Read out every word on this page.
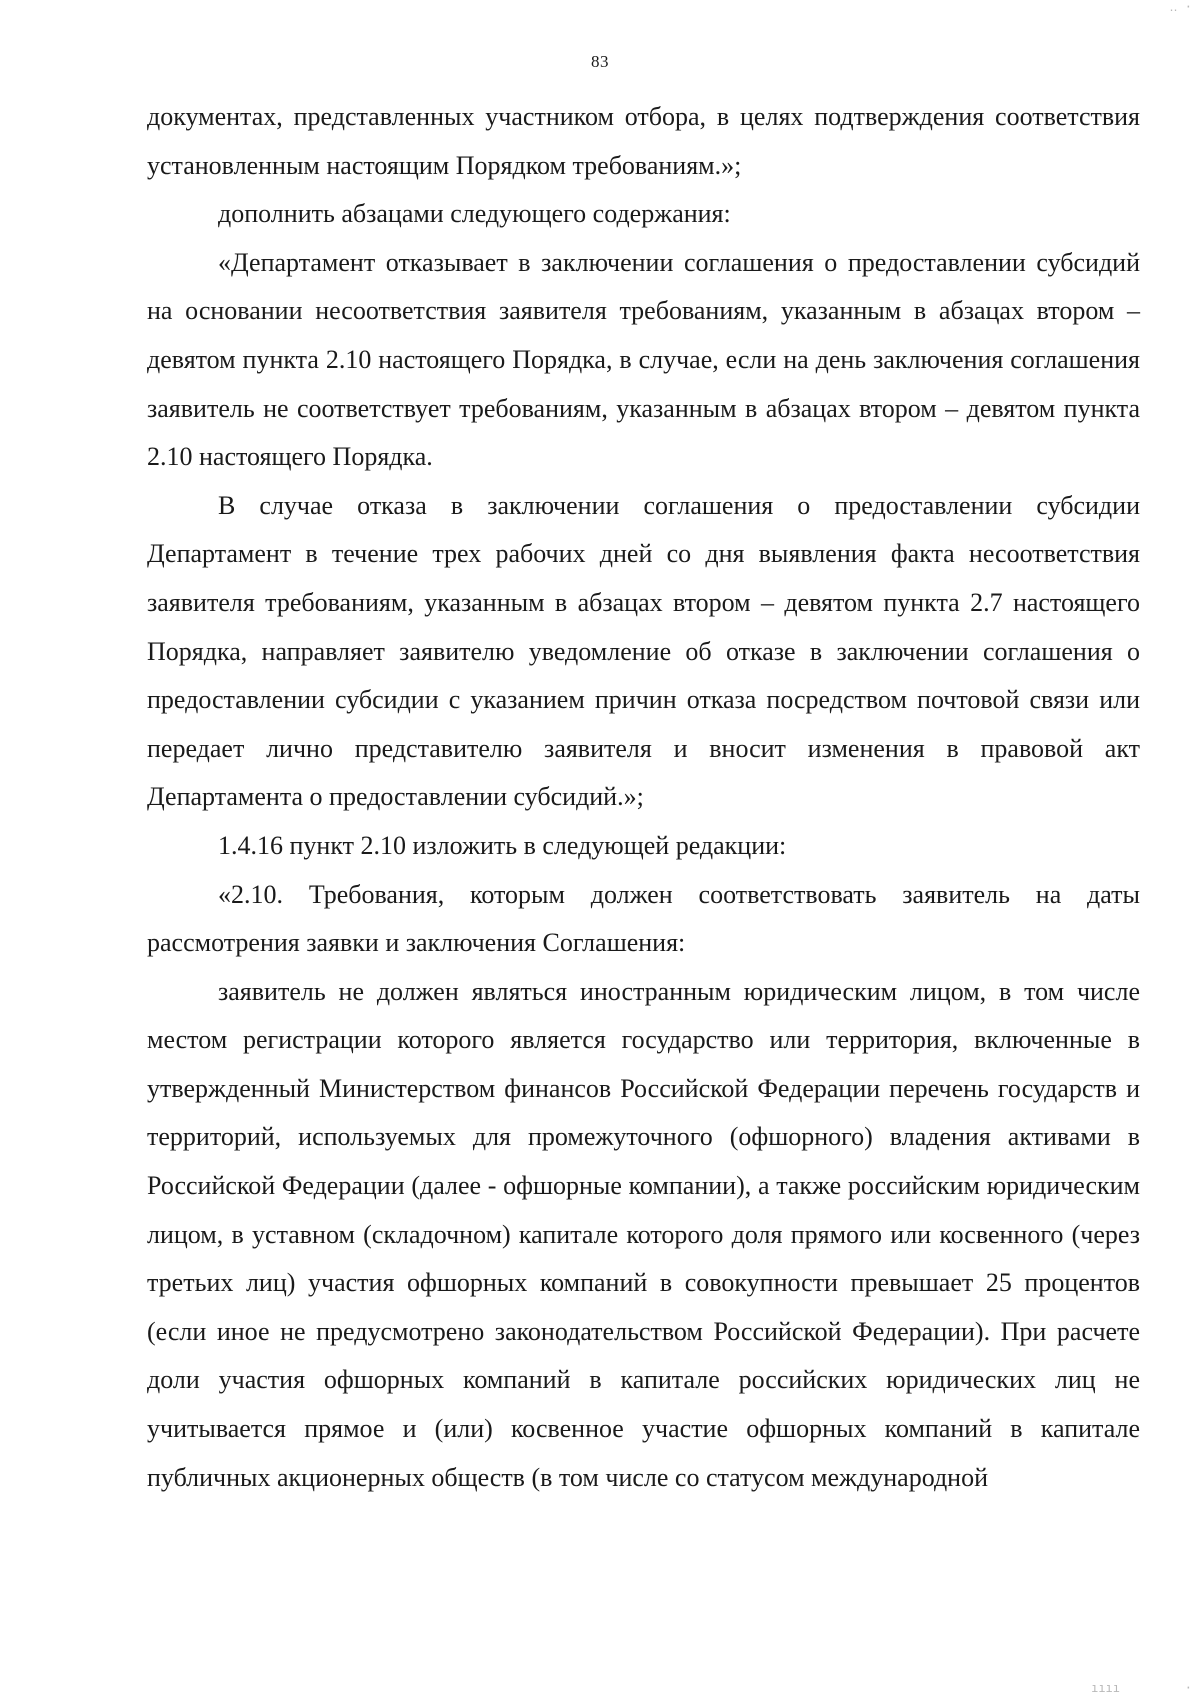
‥ ·
83

документах, представленных участником отбора, в целях подтверждения соответствия установленным настоящим Порядком требованиям.»;

дополнить абзацами следующего содержания:

«Департамент отказывает в заключении соглашения о предоставлении субсидий на основании несоответствия заявителя требованиям, указанным в абзацах втором – девятом пункта 2.10 настоящего Порядка, в случае, если на день заключения соглашения заявитель не соответствует требованиям, указанным в абзацах втором – девятом пункта 2.10 настоящего Порядка.

В случае отказа в заключении соглашения о предоставлении субсидии Департамент в течение трех рабочих дней со дня выявления факта несоответствия заявителя требованиям, указанным в абзацах втором – девятом пункта 2.7 настоящего Порядка, направляет заявителю уведомление об отказе в заключении соглашения о предоставлении субсидии с указанием причин отказа посредством почтовой связи или передает лично представителю заявителя и вносит изменения в правовой акт Департамента о предоставлении субсидий.»;

1.4.16 пункт 2.10 изложить в следующей редакции:

«2.10. Требования, которым должен соответствовать заявитель на даты рассмотрения заявки и заключения Соглашения:

заявитель не должен являться иностранным юридическим лицом, в том числе местом регистрации которого является государство или территория, включенные в утвержденный Министерством финансов Российской Федерации перечень государств и территорий, используемых для промежуточного (офшорного) владения активами в Российской Федерации (далее - офшорные компании), а также российским юридическим лицом, в уставном (складочном) капитале которого доля прямого или косвенного (через третьих лиц) участия офшорных компаний в совокупности превышает 25 процентов (если иное не предусмотрено законодательством Российской Федерации). При расчете доли участия офшорных компаний в капитале российских юридических лиц не учитывается прямое и (или) косвенное участие офшорных компаний в капитале публичных акционерных обществ (в том числе со статусом международной

ıııı	·
